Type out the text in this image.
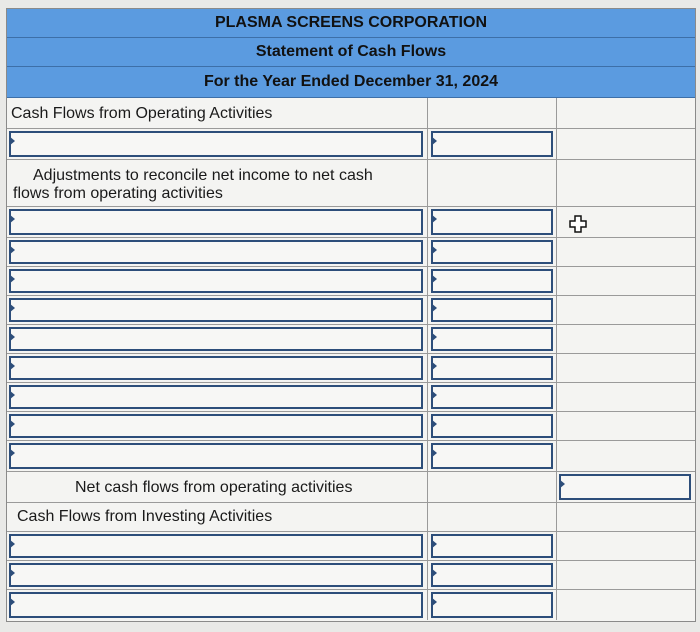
PLASMA SCREENS CORPORATION
Statement of Cash Flows
For the Year Ended December 31, 2024
Cash Flows from Operating Activities
Adjustments to reconcile net income to net cash
flows from operating activities
Net cash flows from operating activities
Cash Flows from Investing Activities
